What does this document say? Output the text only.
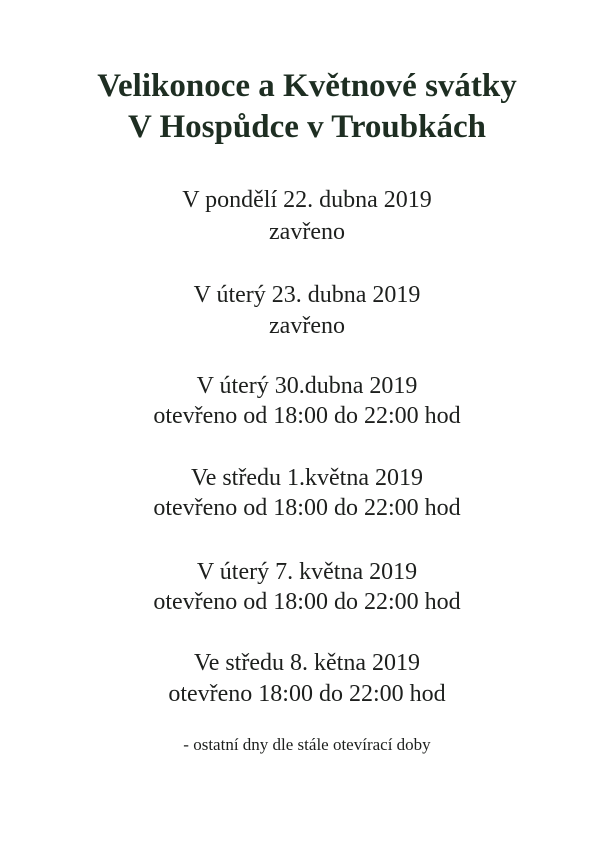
Velikonoce a Květnové svátky
V Hospůdce v Troubkách
V pondělí 22. dubna 2019
zavřeno
V úterý 23. dubna 2019
zavřeno
V úterý 30.dubna 2019
otevřeno od 18:00 do 22:00 hod
Ve středu 1.května 2019
otevřeno od 18:00 do 22:00 hod
V úterý 7. května 2019
otevřeno od 18:00 do 22:00 hod
Ve středu 8. kětna 2019
otevřeno 18:00 do 22:00 hod
- ostatní dny dle stále otevírací doby
